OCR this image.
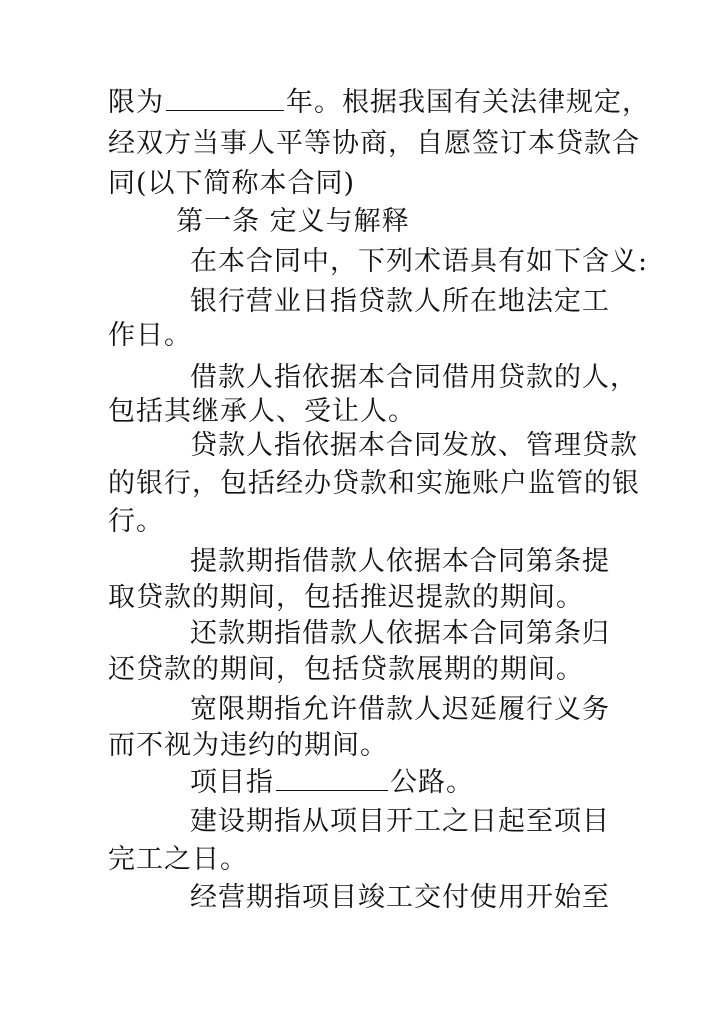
限为	年。根据我国有关法律规定，
经双方当事人平等协商，自愿签订本贷款合
同(以下简称本合同)
第一条 定义与解释
在本合同中，下列术语具有如下含义:
银行营业日指贷款人所在地法定工
作日。
借款人指依据本合同借用贷款的人，
包括其继承人、受让人。
贷款人指依据本合同发放、管理贷款
的银行，包括经办贷款和实施账户监管的银
行。
提款期指借款人依据本合同第条提
取贷款的期间，包括推迟提款的期间。
还款期指借款人依据本合同第条归
还贷款的期间，包括贷款展期的期间。
宽限期指允许借款人迟延履行义务
而不视为违约的期间。
项目指	公路。
建设期指从项目开工之日起至项目
完工之日。
经营期指项目竣工交付使用开始至
